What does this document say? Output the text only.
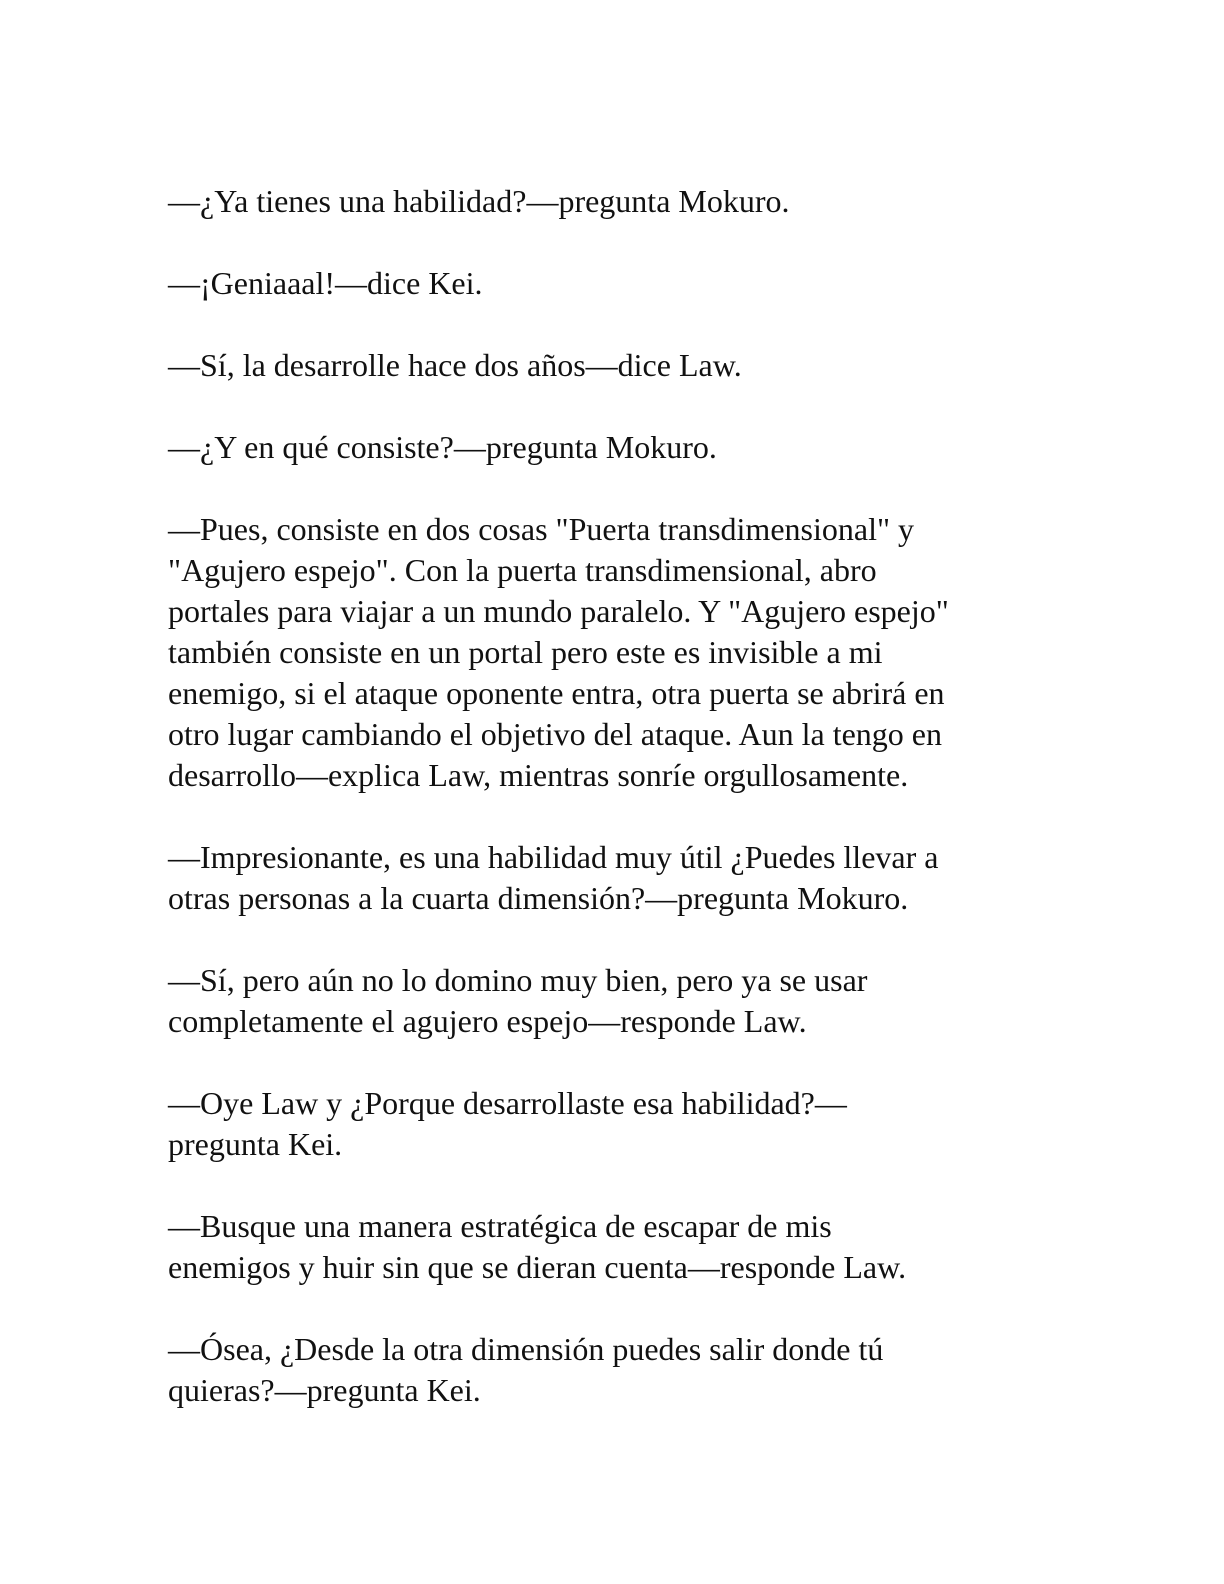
—¿Ya tienes una habilidad?—pregunta Mokuro.

—¡Geniaaal!—dice Kei.

—Sí, la desarrolle hace dos años—dice Law.

—¿Y en qué consiste?—pregunta Mokuro.

—Pues, consiste en dos cosas "Puerta transdimensional" y
"Agujero espejo". Con la puerta transdimensional, abro
portales para viajar a un mundo paralelo. Y "Agujero espejo"
también consiste en un portal pero este es invisible a mi
enemigo, si el ataque oponente entra, otra puerta se abrirá en
otro lugar cambiando el objetivo del ataque. Aun la tengo en
desarrollo—explica Law, mientras sonríe orgullosamente.

—Impresionante, es una habilidad muy útil ¿Puedes llevar a
otras personas a la cuarta dimensión?—pregunta Mokuro.

—Sí, pero aún no lo domino muy bien, pero ya se usar
completamente el agujero espejo—responde Law.

—Oye Law y ¿Porque desarrollaste esa habilidad?—
pregunta Kei.

—Busque una manera estratégica de escapar de mis
enemigos y huir sin que se dieran cuenta—responde Law.

—Ósea, ¿Desde la otra dimensión puedes salir donde tú
quieras?—pregunta Kei.
